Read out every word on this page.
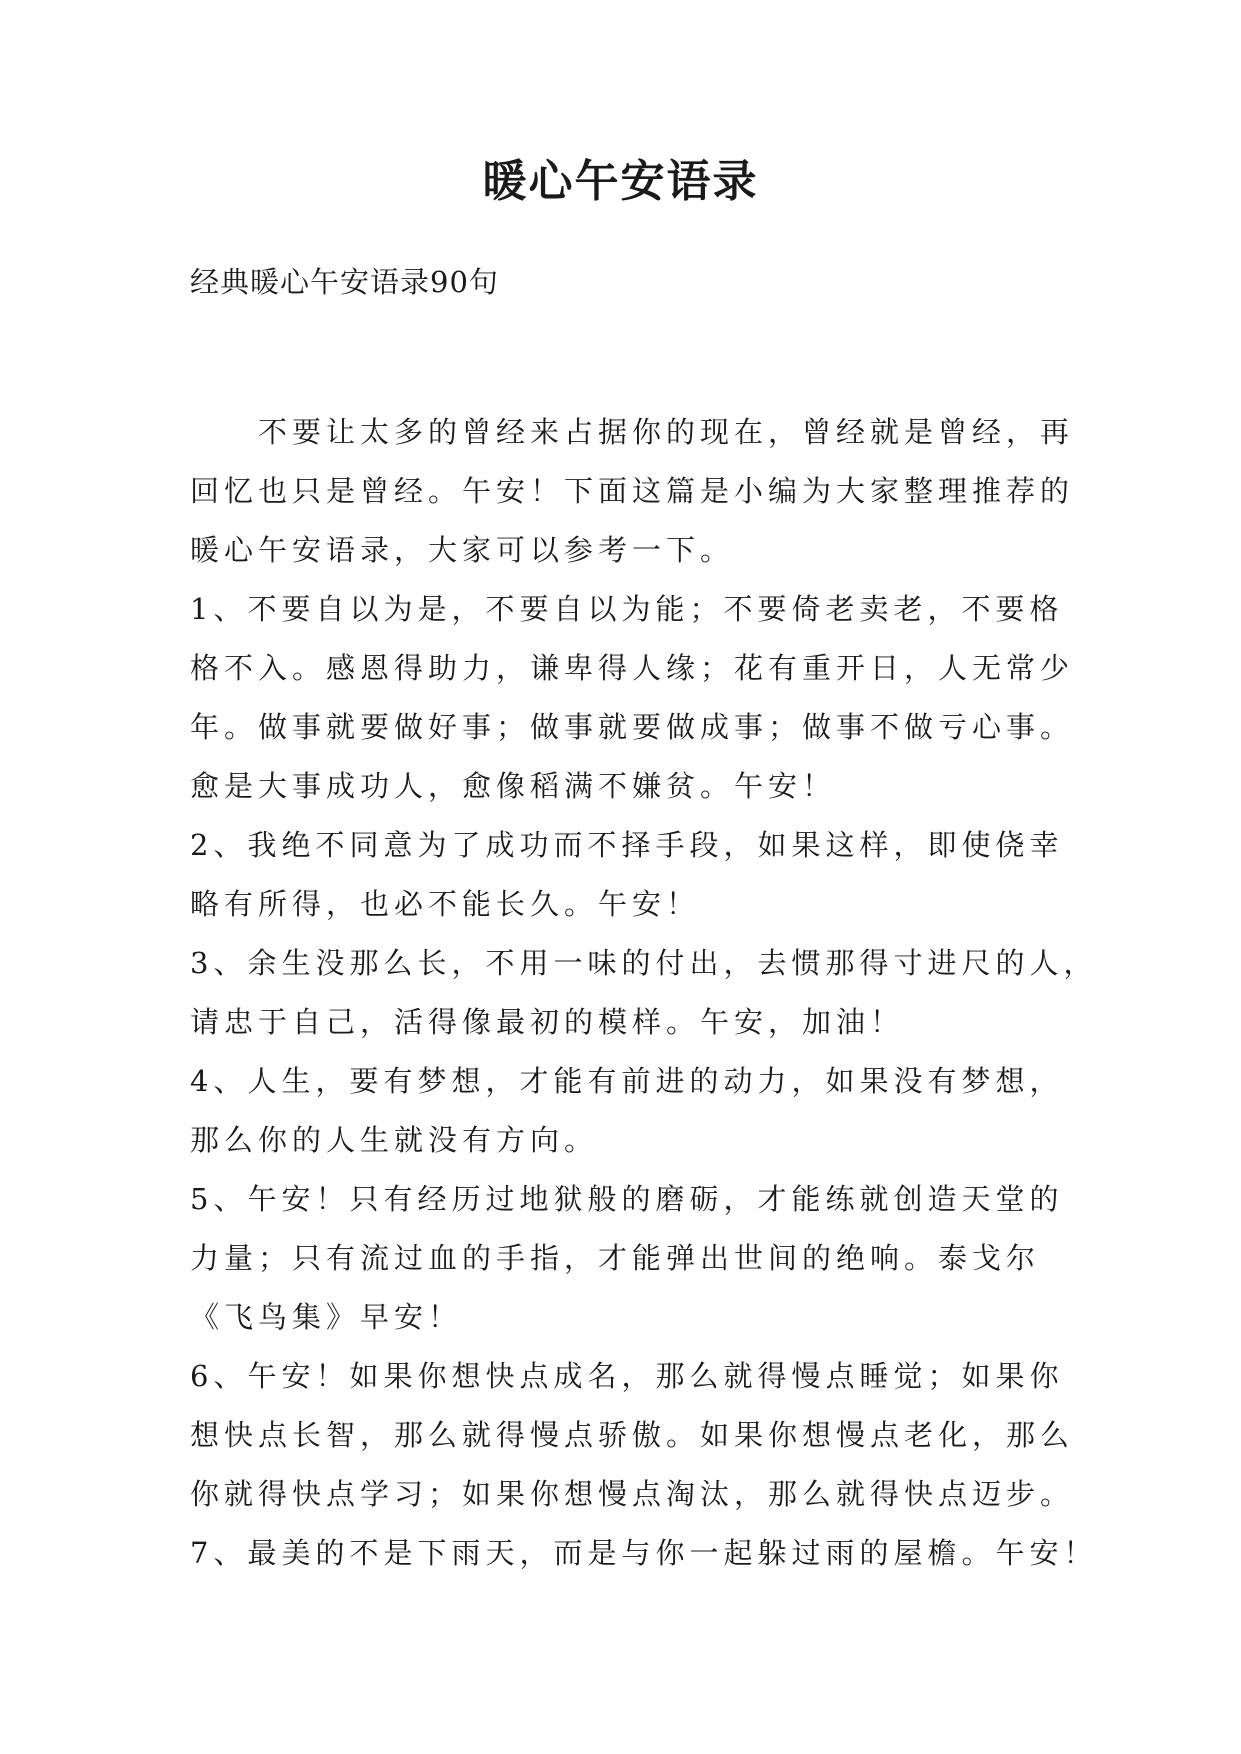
暖心午安语录

经典暖心午安语录90句

　　不要让太多的曾经来占据你的现在，曾经就是曾经，再

回忆也只是曾经。午安！下面这篇是小编为大家整理推荐的

暖心午安语录，大家可以参考一下。

1、不要自以为是，不要自以为能；不要倚老卖老，不要格

格不入。感恩得助力，谦卑得人缘；花有重开日，人无常少

年。做事就要做好事；做事就要做成事；做事不做亏心事。

愈是大事成功人，愈像稻满不嫌贫。午安！

2、我绝不同意为了成功而不择手段，如果这样，即使侥幸

略有所得，也必不能长久。午安！

3、余生没那么长，不用一味的付出，去惯那得寸进尺的人，

请忠于自己，活得像最初的模样。午安，加油！

4、人生，要有梦想，才能有前进的动力，如果没有梦想，

那么你的人生就没有方向。

5、午安！只有经历过地狱般的磨砺，才能练就创造天堂的

力量；只有流过血的手指，才能弹出世间的绝响。泰戈尔

《飞鸟集》早安！

6、午安！如果你想快点成名，那么就得慢点睡觉；如果你

想快点长智，那么就得慢点骄傲。如果你想慢点老化，那么

你就得快点学习；如果你想慢点淘汰，那么就得快点迈步。

7、最美的不是下雨天，而是与你一起躲过雨的屋檐。午安！
